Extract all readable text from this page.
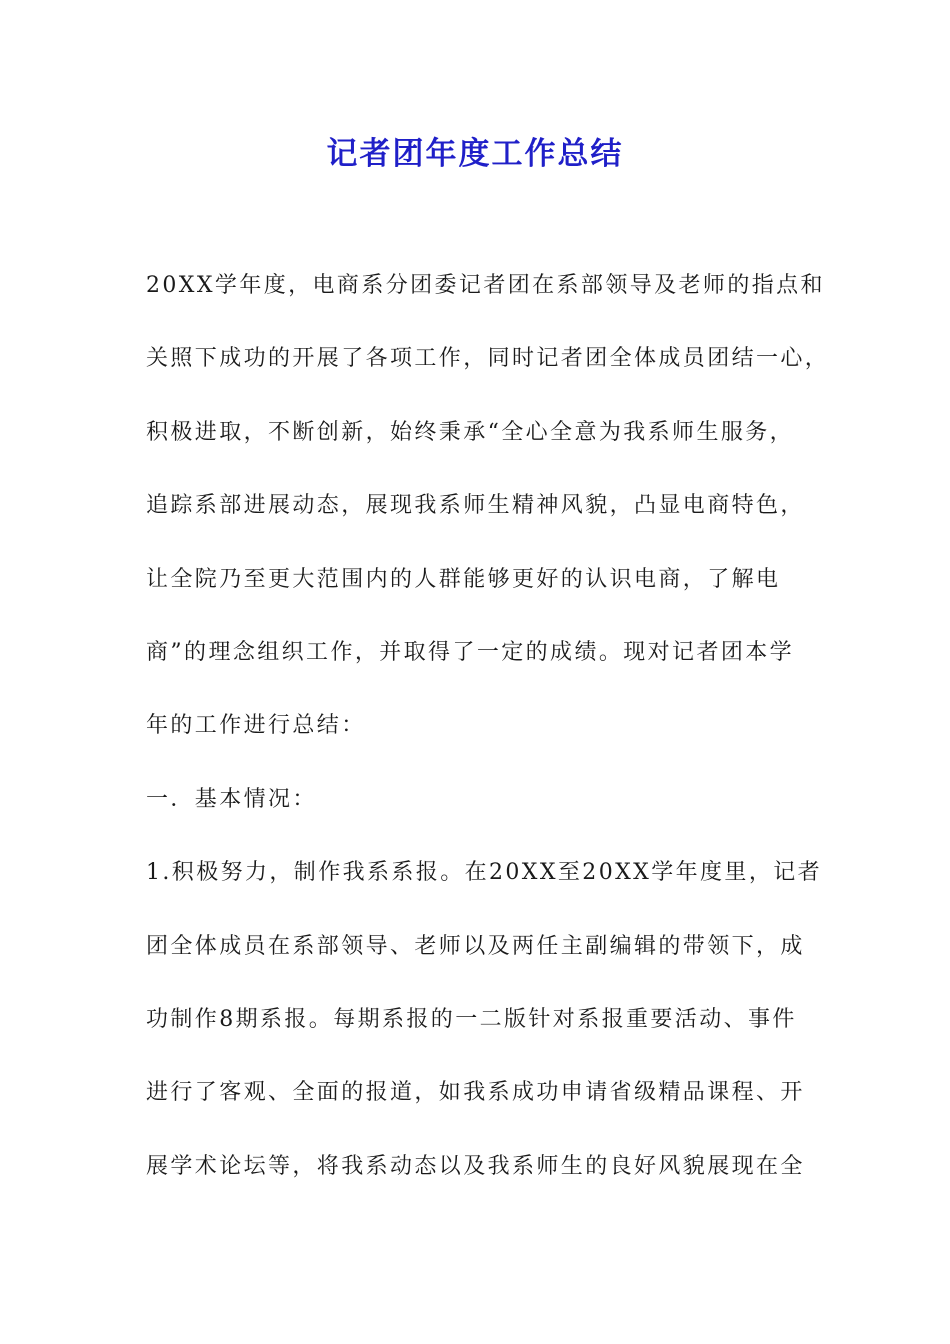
记者团年度工作总结
20XX学年度，电商系分团委记者团在系部领导及老师的指点和
关照下成功的开展了各项工作，同时记者团全体成员团结一心，
积极进取，不断创新，始终秉承“全心全意为我系师生服务，
追踪系部进展动态，展现我系师生精神风貌，凸显电商特色，
让全院乃至更大范围内的人群能够更好的认识电商，了解电
商”的理念组织工作，并取得了一定的成绩。现对记者团本学
年的工作进行总结：
一．基本情况：
1.积极努力，制作我系系报。在20XX至20XX学年度里，记者
团全体成员在系部领导、老师以及两任主副编辑的带领下，成
功制作8期系报。每期系报的一二版针对系报重要活动、事件
进行了客观、全面的报道，如我系成功申请省级精品课程、开
展学术论坛等，将我系动态以及我系师生的良好风貌展现在全
